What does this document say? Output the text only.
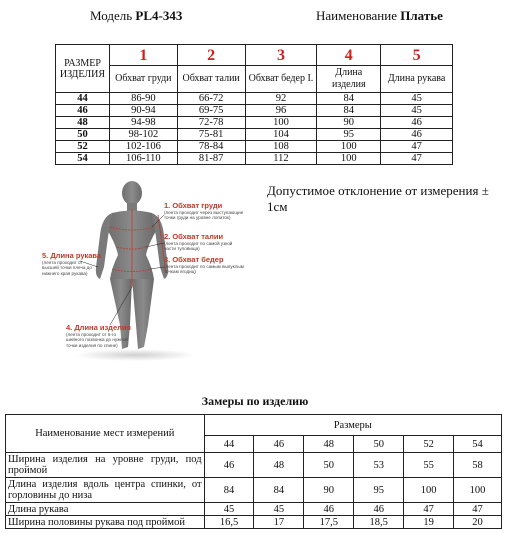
Модель PL4-343	Наименование Платье
РАЗМЕР ИЗДЕЛИЯ	1	2	3	4	5
	Обхват груди	Обхват талии	Обхват бедер I.	Длина изделия	Длина рукава
44	86-90	66-72	92	84	45
46	90-94	69-75	96	84	45
48	94-98	72-78	100	90	46
50	98-102	75-81	104	95	46
52	102-106	78-84	108	100	47
54	106-110	81-87	112	100	47
1. Обхват груди
(лента проходит через выступающие
точки груди на уровне лопаток)
2. Обхват талии
(лента проходит по самой узкой
части туловища)
3. Обхват бедер
(лента проходит по самым выпуклым
точкам ягодиц)
4. Длина изделия
(лента проходит от 6-го
шейного позвонка до нужной
точки изделия по спине)
5. Длина рукава
(лента проходит от
высшей точки плеча до
нижнего края рукава)
Допустимое отклонение от измерения ± 1см
Замеры по изделию
Наименование мест измерений	Размеры					
	44	46	48	50	52	54
Ширина изделия на уровне груди, под проймой	46	48	50	53	55	58
Длина изделия вдоль центра спинки, от горловины до низа	84	84	90	95	100	100
Длина рукава	45	45	46	46	47	47
Ширина половины рукава под проймой	16,5	17	17,5	18,5	19	20
